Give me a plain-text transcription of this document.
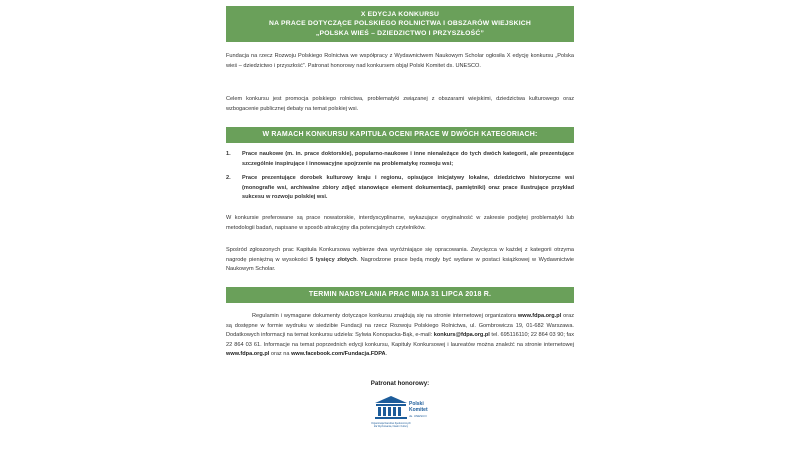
X EDYCJA KONKURSU
NA PRACE DOTYCZĄCE POLSKIEGO ROLNICTWA I OBSZARÓW WIEJSKICH
„POLSKA WIEŚ – DZIEDZICTWO I PRZYSZŁOŚĆ”
Fundacja na rzecz Rozwoju Polskiego Rolnictwa we współpracy z Wydawnictwem Naukowym Scholar ogłosiła X edycję konkursu „Polska wieś – dziedzictwo i przyszłość”. Patronat honorowy nad konkursem objął Polski Komitet ds. UNESCO.
Celem konkursu jest promocja polskiego rolnictwa, problematyki związanej z obszarami wiejskimi, dziedzictwa kulturowego oraz wzbogacenie publicznej debaty na temat polskiej wsi.
W RAMACH KONKURSU KAPITUŁA OCENI PRACE W DWÓCH KATEGORIACH:
1. Prace naukowe (m. in. prace doktorskie), popularno-naukowe i inne nienależące do tych dwóch kategorii, ale prezentujące szczególnie inspirujące i innowacyjne spojrzenie na problematykę rozwoju wsi;
2. Prace prezentujące dorobek kulturowy kraju i regionu, opisujące inicjatywy lokalne, dziedzictwo historyczne wsi (monografie wsi, archiwalne zbiory zdjęć stanowiące element dokumentacji, pamiętniki) oraz prace ilustrujące przykład sukcesu w rozwoju polskiej wsi.
W konkursie preferowane są prace nowatorskie, interdyscyplinarne, wykazujące oryginalność w zakresie podjętej problematyki lub metodologii badań, napisane w sposób atrakcyjny dla potencjalnych czytelników.
Spośród zgłoszonych prac Kapituła Konkursowa wybierze dwa wyróżniające się opracowania. Zwycięzca w każdej z kategorii otrzyma nagrodę pieniężną w wysokości 5 tysięcy złotych. Nagrodzone prace będą mogły być wydane w postaci książkowej w Wydawnictwie Naukowym Scholar.
TERMIN NADSYŁANIA PRAC MIJA 31 LIPCA 2018 R.
Regulamin i wymagane dokumenty dotyczące konkursu znajdują się na stronie internetowej organizatora www.fdpa.org.pl oraz są dostępne w formie wydruku w siedzibie Fundacji na rzecz Rozwoju Polskiego Rolnictwa, ul. Gombrowicza 19, 01-682 Warszawa. Dodatkowych informacji na temat konkursu udziela: Sylwia Konopacka-Bąk, e-mail: konkurs@fdpa.org.pl tel. 695116110; 22 864 03 90; fax 22 864 03 61. Informacje na temat poprzednich edycji konkursu, Kapituły Konkursowej i laureatów można znaleźć na stronie internetowej www.fdpa.org.pl oraz na www.facebook.com/Fundacja.FDPA.
Patronat honorowy:
Organizacja Narodów Zjednoczonych dla Wychowania, Nauki i Kultury
Polski
Komitet
ds. UNESCO
